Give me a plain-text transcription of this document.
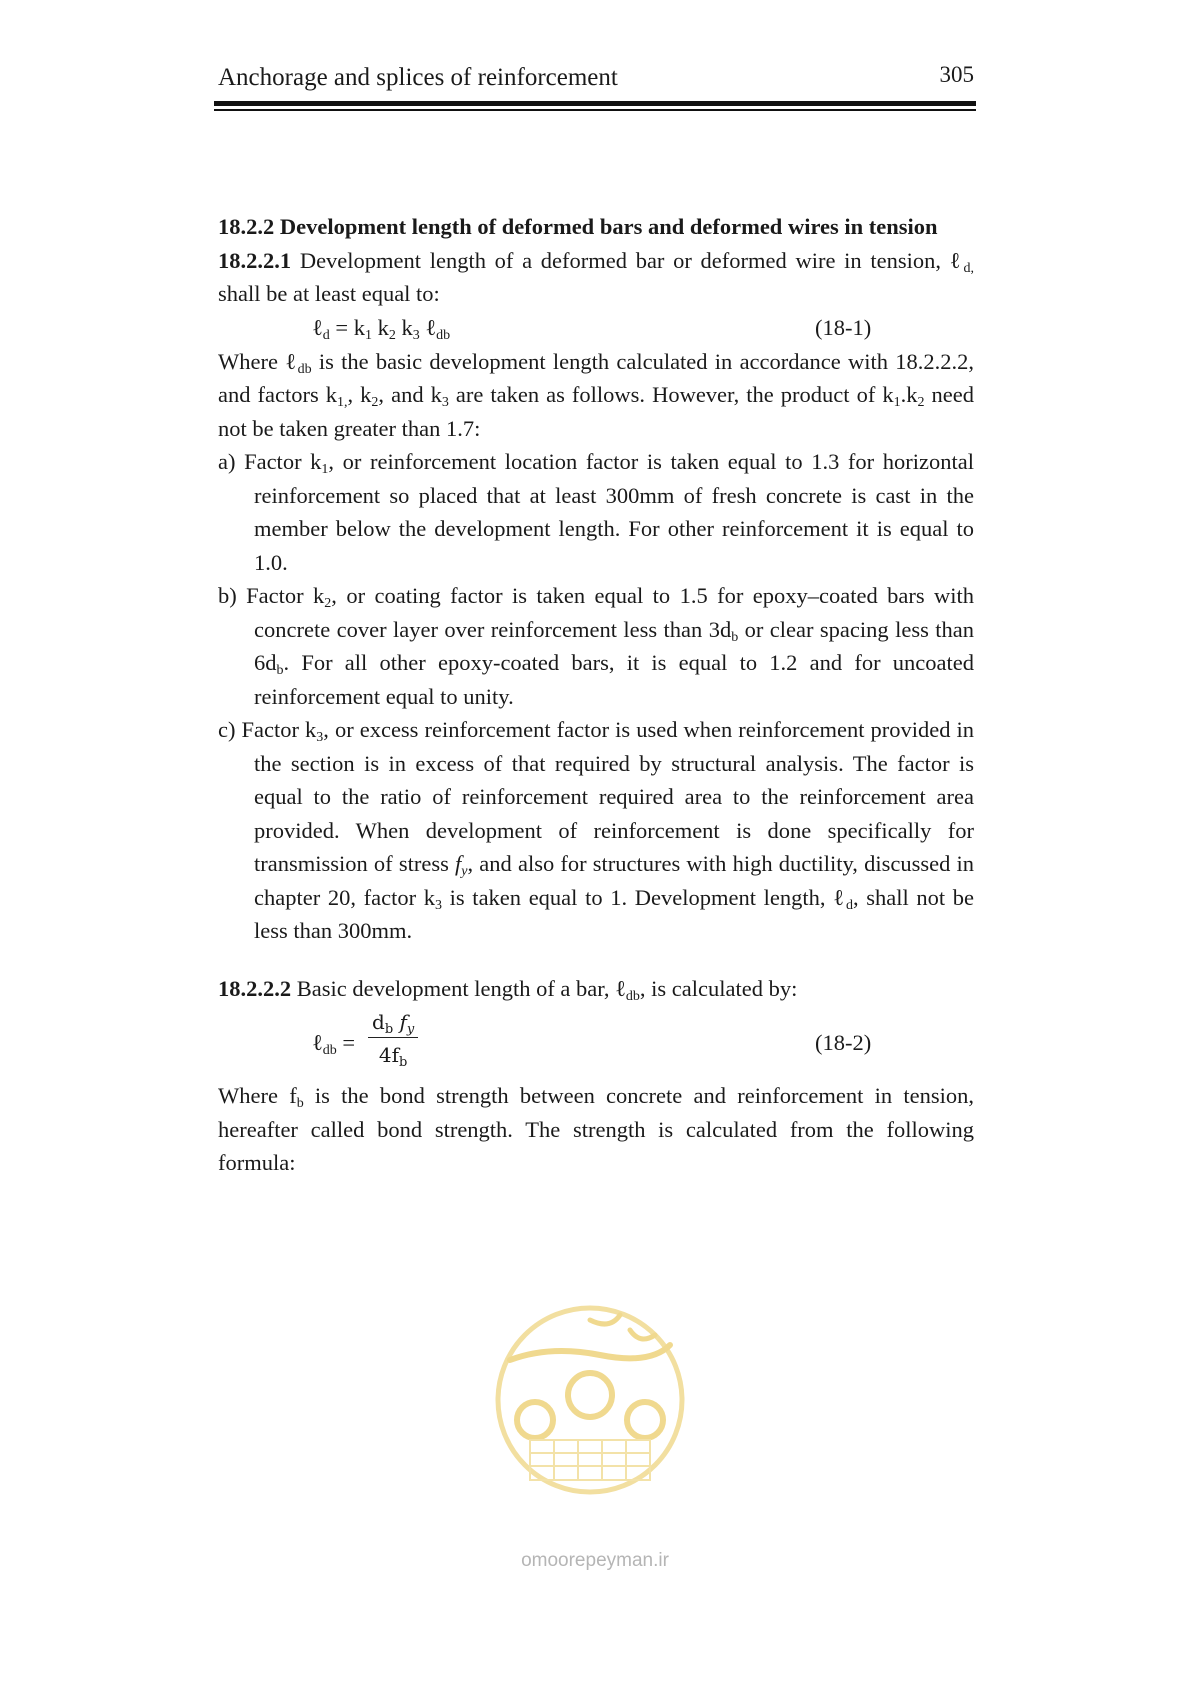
Anchorage and splices of reinforcement	305

18.2.2 Development length of deformed bars and deformed wires in tension

18.2.2.1 Development length of a deformed bar or deformed wire in tension, ℓ$_{d,}$ shall be at least equal to:

ℓ$_d$ = $k_1$ $k_2$ $k_3$ ℓ$_{db}$	(18-1)

Where ℓ$_{db}$ is the basic development length calculated in accordance with 18.2.2.2, and factors $k_{1,}$, $k_2$, and $k_3$ are taken as follows. However, the product of $k_1.k_2$ need not be taken greater than 1.7:

a) Factor $k_1$, or reinforcement location factor is taken equal to 1.3 for horizontal reinforcement so placed that at least 300mm of fresh concrete is cast in the member below the development length. For other reinforcement it is equal to 1.0.

b) Factor $k_2$, or coating factor is taken equal to 1.5 for epoxy–coated bars with concrete cover layer over reinforcement less than $3d_b$ or clear spacing less than $6d_b$. For all other epoxy-coated bars, it is equal to 1.2 and for uncoated reinforcement equal to unity.

c) Factor $k_3$, or excess reinforcement factor is used when reinforcement provided in the section is in excess of that required by structural analysis. The factor is equal to the ratio of reinforcement required area to the reinforcement area provided. When development of reinforcement is done specifically for transmission of stress $f_y$, and also for structures with high ductility, discussed in chapter 20, factor $k_3$ is taken equal to 1. Development length, ℓ$_d$, shall not be less than 300mm.

18.2.2.2 Basic development length of a bar, ℓ$_{db}$, is calculated by:

ℓ$_{db}$ = $\frac{d_b f_y}{4f_b}$	(18-2)

Where $f_b$ is the bond strength between concrete and reinforcement in tension, hereafter called bond strength. The strength is calculated from the following formula:

omoorepeyman.ir
